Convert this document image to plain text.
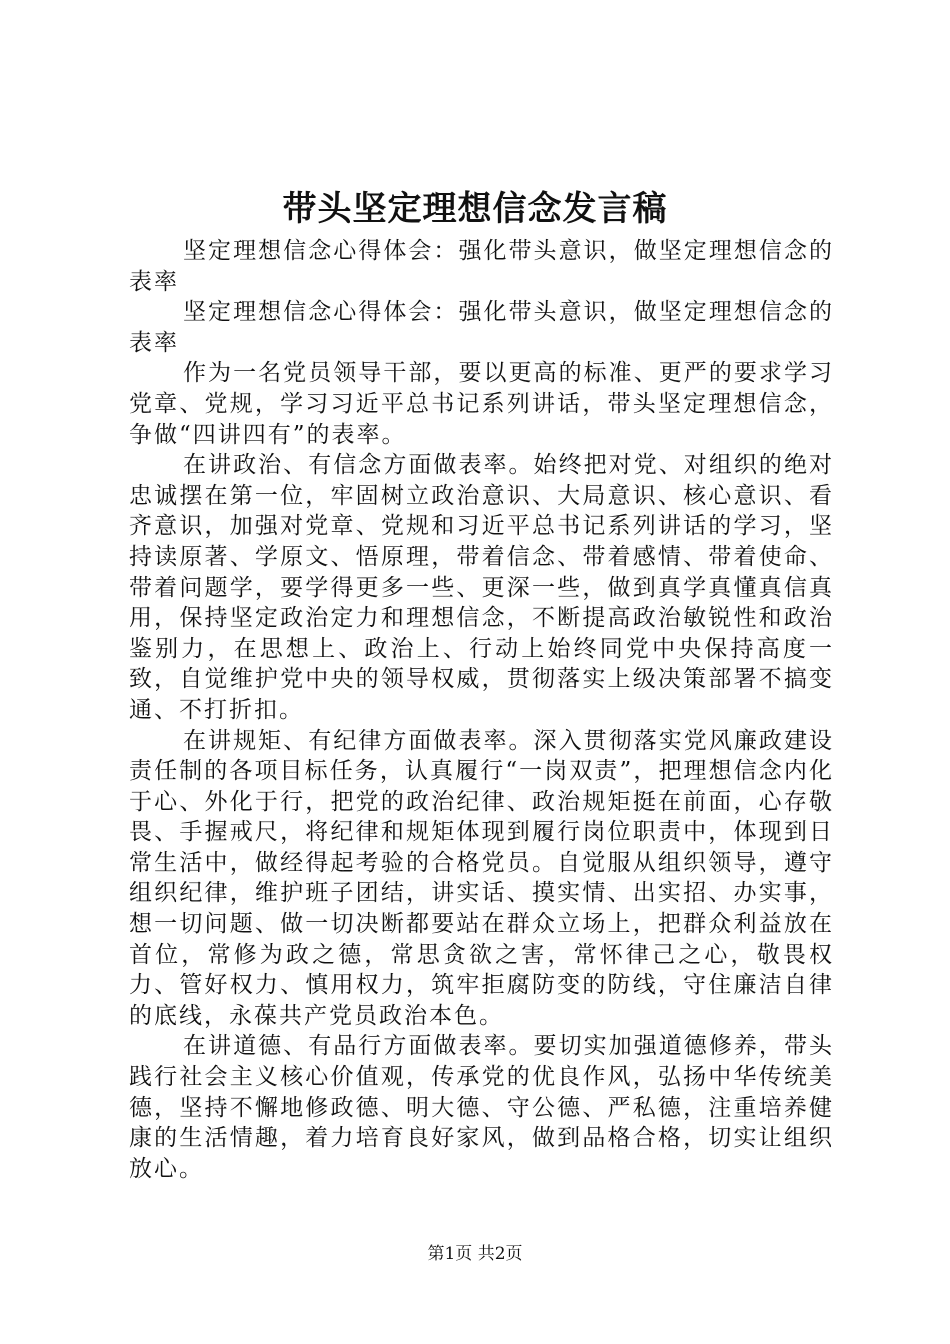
带头坚定理想信念发言稿

坚定理想信念心得体会：强化带头意识，做坚定理想信念的表率

坚定理想信念心得体会：强化带头意识，做坚定理想信念的表率

作为一名党员领导干部，要以更高的标准、更严的要求学习党章、党规，学习习近平总书记系列讲话，带头坚定理想信念，争做“四讲四有”的表率。

在讲政治、有信念方面做表率。始终把对党、对组织的绝对忠诚摆在第一位，牢固树立政治意识、大局意识、核心意识、看齐意识，加强对党章、党规和习近平总书记系列讲话的学习，坚持读原著、学原文、悟原理，带着信念、带着感情、带着使命、带着问题学，要学得更多一些、更深一些，做到真学真懂真信真用，保持坚定政治定力和理想信念，不断提高政治敏锐性和政治鉴别力，在思想上、政治上、行动上始终同党中央保持高度一致，自觉维护党中央的领导权威，贯彻落实上级决策部署不搞变通、不打折扣。

在讲规矩、有纪律方面做表率。深入贯彻落实党风廉政建设责任制的各项目标任务，认真履行“一岗双责”，把理想信念内化于心、外化于行，把党的政治纪律、政治规矩挺在前面，心存敬畏、手握戒尺，将纪律和规矩体现到履行岗位职责中，体现到日常生活中，做经得起考验的合格党员。自觉服从组织领导，遵守组织纪律，维护班子团结，讲实话、摸实情、出实招、办实事，想一切问题、做一切决断都要站在群众立场上，把群众利益放在首位，常修为政之德，常思贪欲之害，常怀律己之心，敬畏权力、管好权力、慎用权力，筑牢拒腐防变的防线，守住廉洁自律的底线，永葆共产党员政治本色。

在讲道德、有品行方面做表率。要切实加强道德修养，带头践行社会主义核心价值观，传承党的优良作风，弘扬中华传统美德，坚持不懈地修政德、明大德、守公德、严私德，注重培养健康的生活情趣，着力培育良好家风，做到品格合格，切实让组织放心。

第1页 共2页
